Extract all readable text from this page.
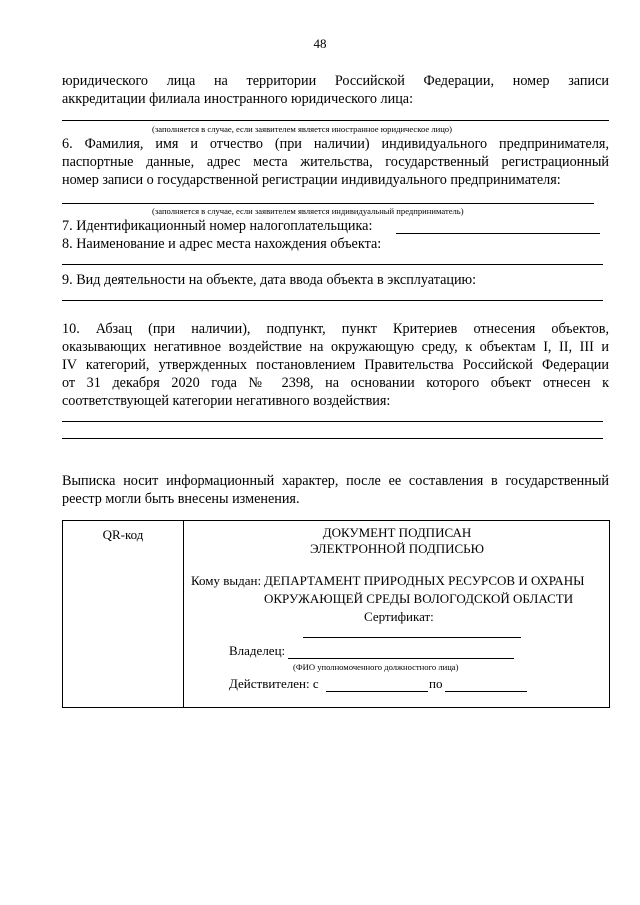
48
юридического лица на территории Российской Федерации, номер записи
аккредитации филиала иностранного юридического лица:
(заполняется в случае, если заявителем является иностранное юридическое лицо)
6. Фамилия, имя и отчество (при наличии) индивидуального предпринимателя,
паспортные данные, адрес места жительства, государственный регистрационный
номер записи о государственной регистрации индивидуального предпринимателя:
(заполняется в случае, если заявителем является индивидуальный предприниматель)
7. Идентификационный номер налогоплательщика:
8. Наименование и адрес места нахождения объекта:
9. Вид деятельности на объекте, дата ввода объекта в эксплуатацию:
10. Абзац (при наличии), подпункт, пункт Критериев отнесения объектов,
оказывающих негативное воздействие на окружающую среду, к объектам I, II, III и
IV категорий, утвержденных постановлением Правительства Российской Федерации
от 31 декабря 2020 года № 2398, на основании которого объект отнесен к
соответствующей категории негативного воздействия:
Выписка носит информационный характер, после ее составления в государственный
реестр могли быть внесены изменения.
QR-код	ДОКУМЕНТ ПОДПИСАН
ЭЛЕКТРОННОЙ ПОДПИСЬЮ
Кому выдан: ДЕПАРТАМЕНТ ПРИРОДНЫХ РЕСУРСОВ И ОХРАНЫ
ОКРУЖАЮЩЕЙ СРЕДЫ ВОЛОГОДСКОЙ ОБЛАСТИ
Сертификат:
Владелец:
(ФИО уполномоченного должностного лица)
Действителен: с	по
